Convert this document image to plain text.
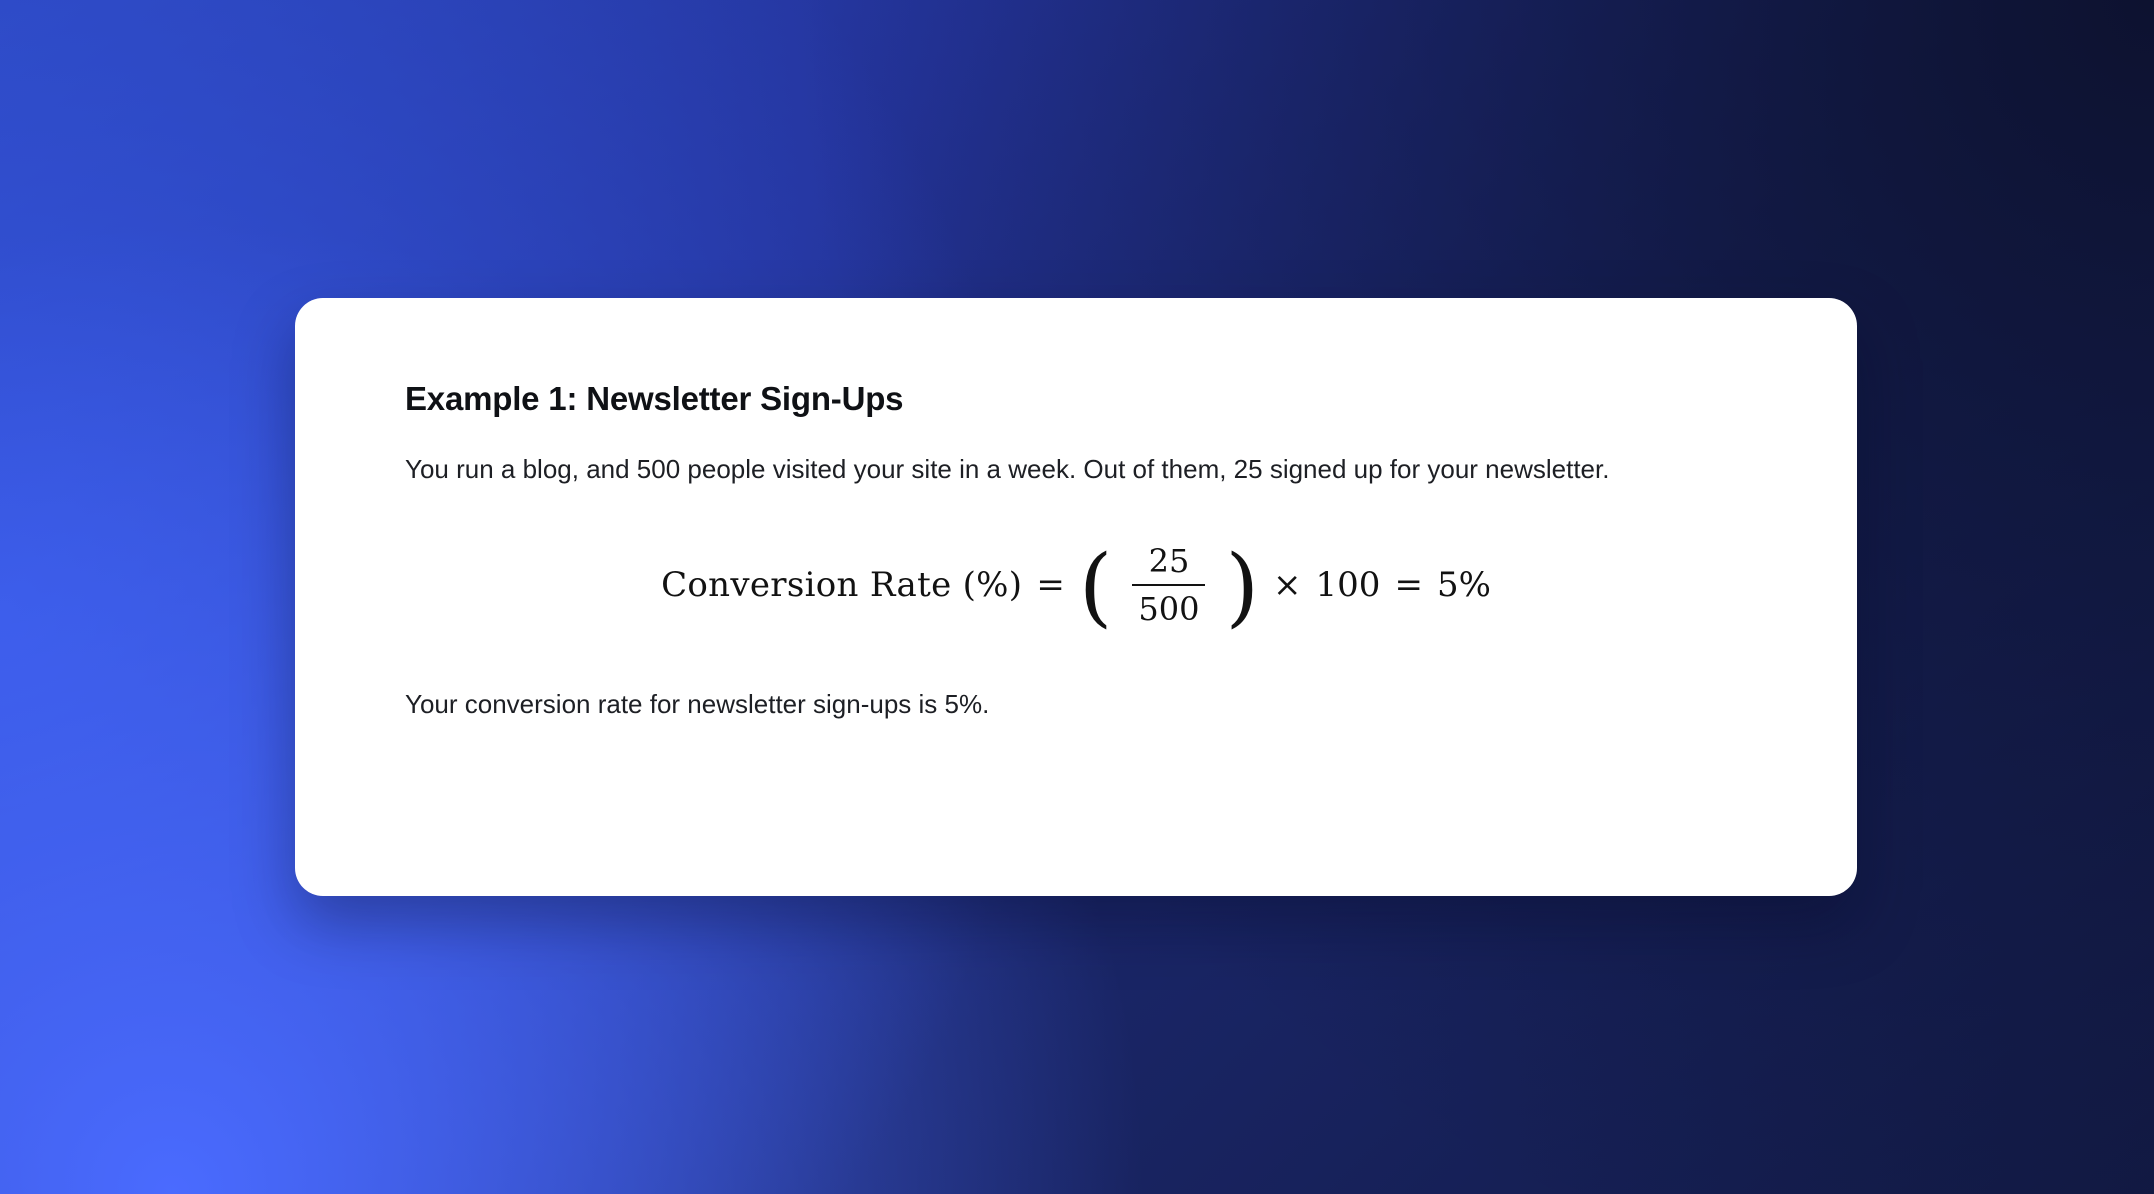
Example 1: Newsletter Sign-Ups

You run a blog, and 500 people visited your site in a week. Out of them, 25 signed up for your newsletter.

Conversion Rate (%) = ( $\frac{25}{500}$ ) × 100 = 5%

Your conversion rate for newsletter sign-ups is 5%.
